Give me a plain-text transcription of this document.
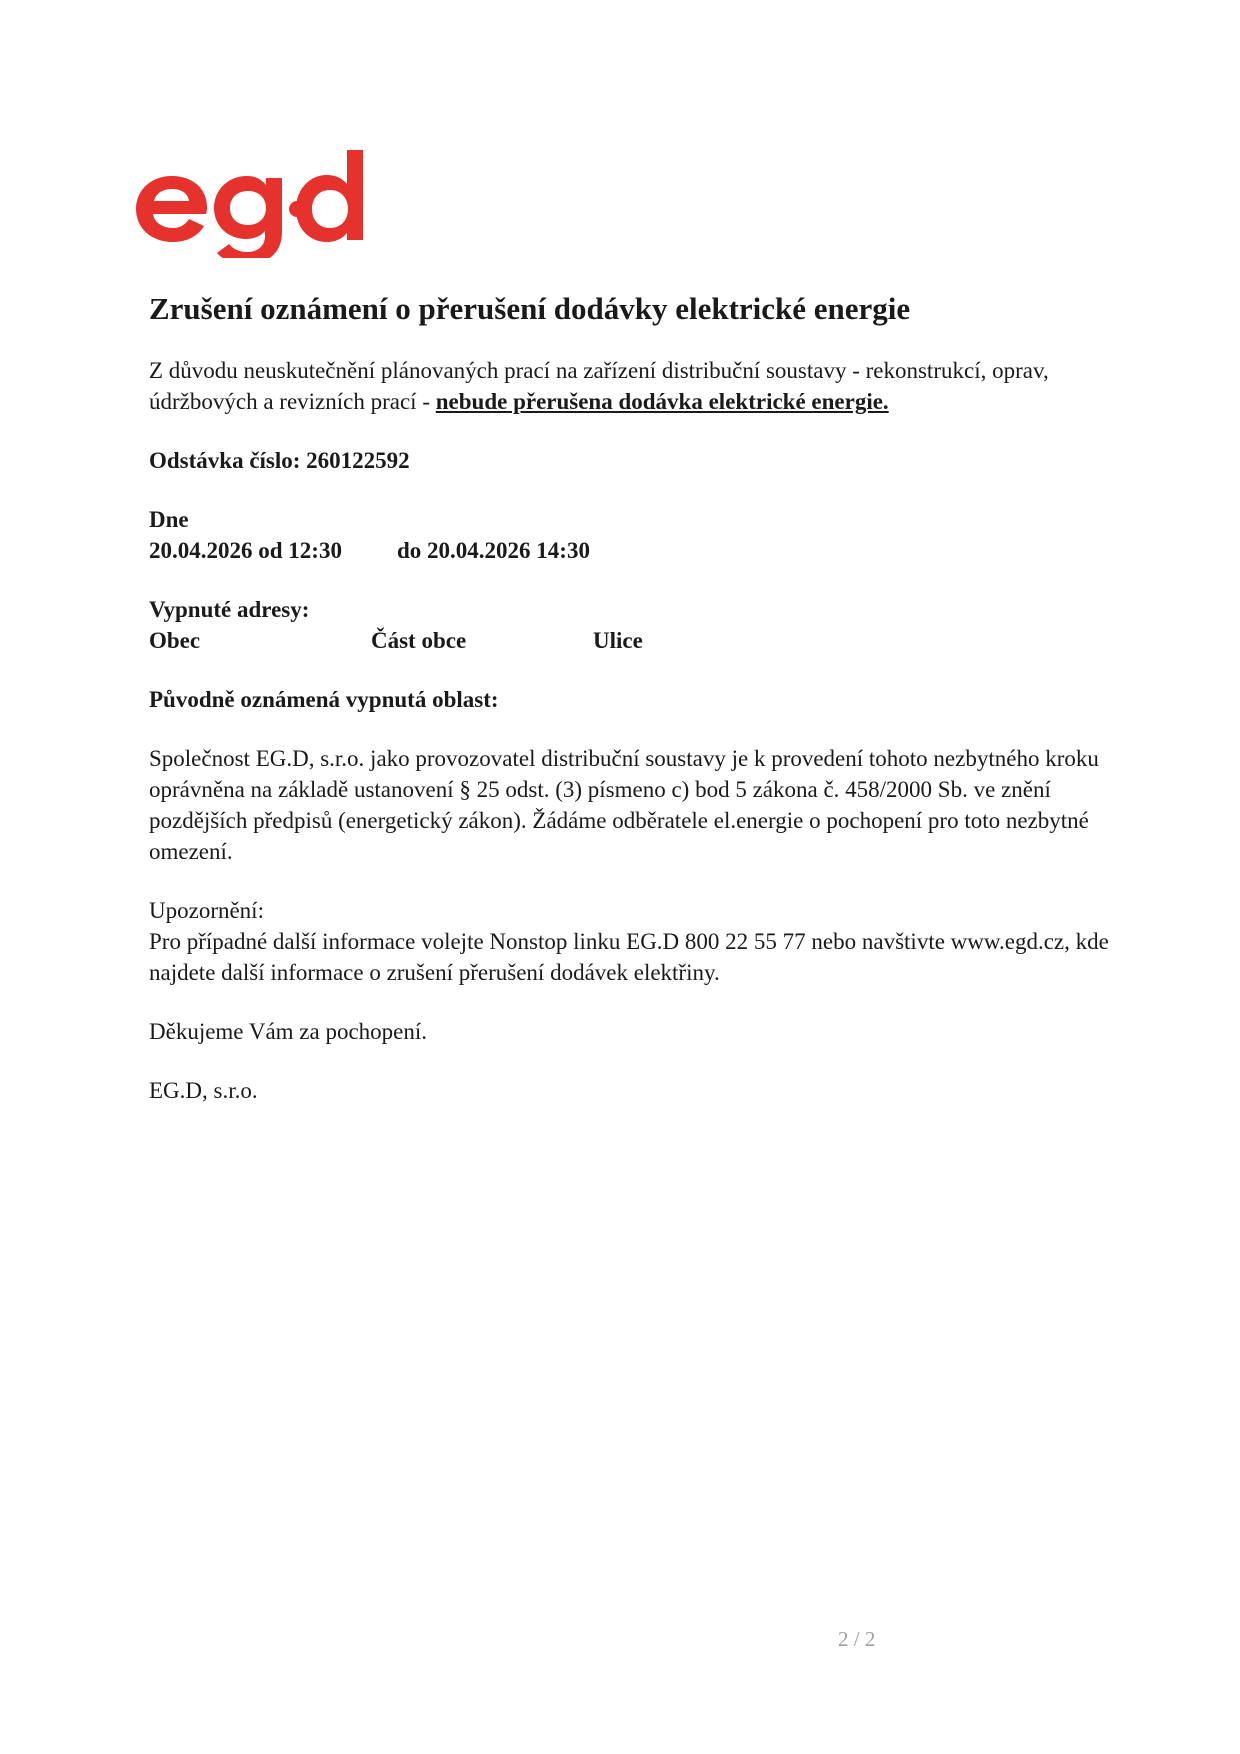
Zrušení oznámení o přerušení dodávky elektrické energie

Z důvodu neuskutečnění plánovaných prací na zařízení distribuční soustavy - rekonstrukcí, oprav, údržbových a revizních prací - nebude přerušena dodávka elektrické energie.

Odstávka číslo: 260122592

Dne

20.04.2026 od 12:30	do 20.04.2026 14:30

Vypnuté adresy:

Obec	Část obce	Ulice

Původně oznámená vypnutá oblast:

Společnost EG.D, s.r.o. jako provozovatel distribuční soustavy je k provedení tohoto nezbytného kroku oprávněna na základě ustanovení § 25 odst. (3) písmeno c) bod 5 zákona č. 458/2000 Sb. ve znění pozdějších předpisů (energetický zákon). Žádáme odběratele el.energie o pochopení pro toto nezbytné omezení.

Upozornění:

Pro případné další informace volejte Nonstop linku EG.D 800 22 55 77 nebo navštivte www.egd.cz, kde najdete další informace o zrušení přerušení dodávek elektřiny.

Děkujeme Vám za pochopení.

EG.D, s.r.o.

2 / 2
